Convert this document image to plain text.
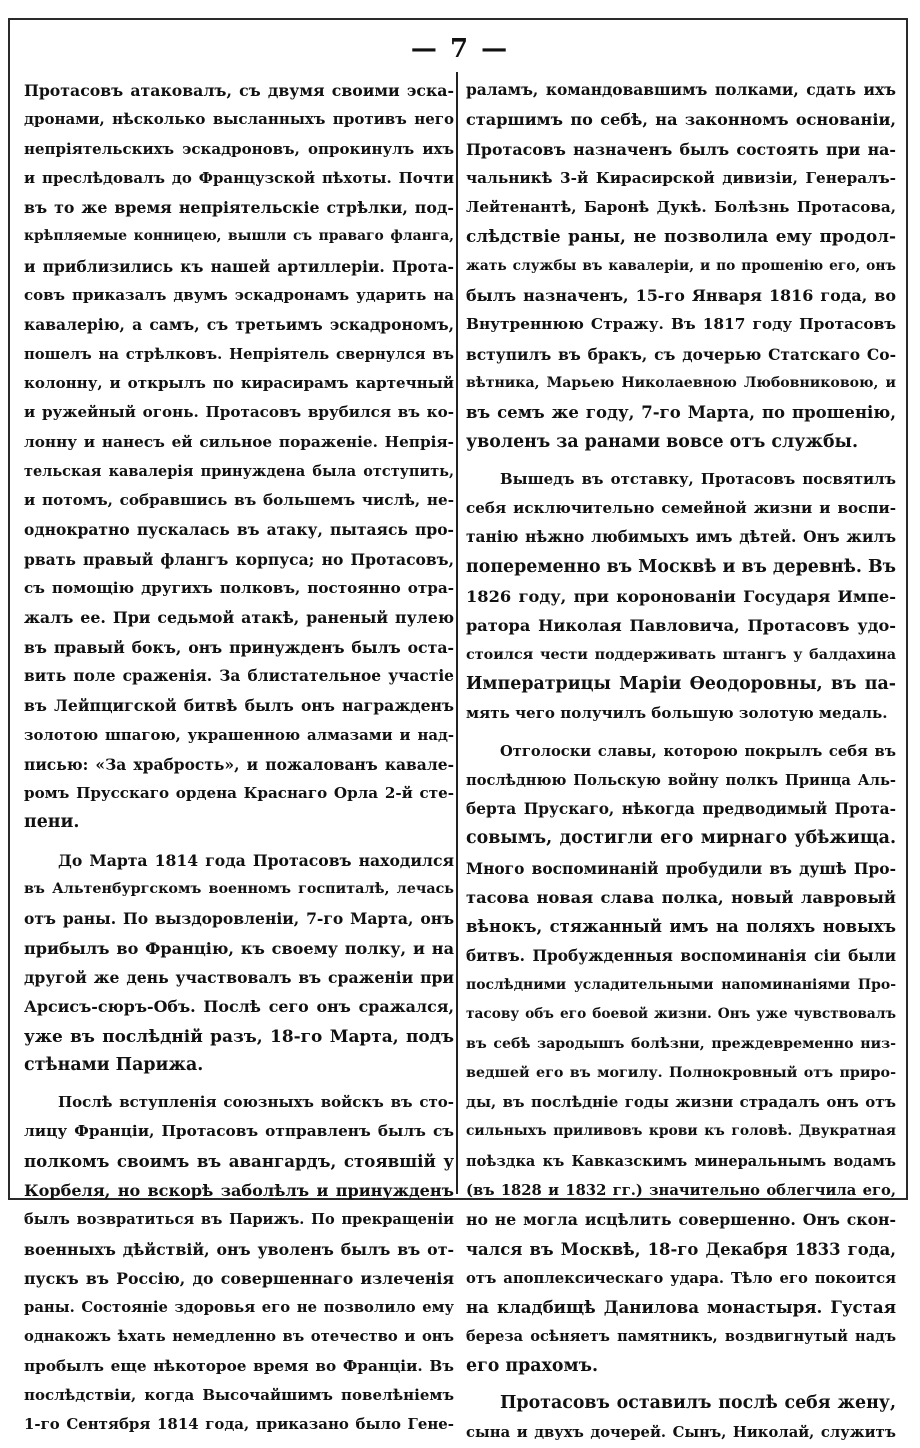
— 7 —
Протасовъ атаковалъ, съ двумя своими эска-
дронами, нѣсколько высланныхъ противъ него
непріятельскихъ эскадроновъ, опрокинулъ ихъ
и преслѣдовалъ до Французской пѣхоты. Почти
въ то же время непріятельскіе стрѣлки, под-
крѣпляемые конницею, вышли съ праваго фланга,
и приблизились къ нашей артиллеріи. Прота-
совъ приказалъ двумъ эскадронамъ ударить на
кавалерію, а самъ, съ третьимъ эскадрономъ,
пошелъ на стрѣлковъ. Непріятель свернулся въ
колонну, и открылъ по кирасирамъ картечный
и ружейный огонь. Протасовъ врубился въ ко-
лонну и нанесъ ей сильное пораженіе. Непрія-
тельская кавалерія принуждена была отступить,
и потомъ, собравшись въ большемъ числѣ, не-
однократно пускалась въ атаку, пытаясь про-
рвать правый флангъ корпуса; но Протасовъ,
съ помощію другихъ полковъ, постоянно отра-
жалъ ее. При седьмой атакѣ, раненый пулею
въ правый бокъ, онъ принужденъ былъ оста-
вить поле сраженія. За блистательное участіе
въ Лейпцигской битвѣ былъ онъ награжденъ
золотою шпагою, украшенною алмазами и над-
писью: «За храбрость», и пожалованъ кавале-
ромъ Прусскаго ордена Краснаго Орла 2-й сте-
пени.
До Марта 1814 года Протасовъ находился
въ Альтенбургскомъ военномъ госпиталѣ, лечась
отъ раны. По выздоровленіи, 7-го Марта, онъ
прибылъ во Францію, къ своему полку, и на
другой же день участвовалъ въ сраженіи при
Арсисъ-сюръ-Объ. Послѣ сего онъ сражался,
уже въ послѣдній разъ, 18-го Марта, подъ
стѣнами Парижа.
Послѣ вступленія союзныхъ войскъ въ сто-
лицу Франціи, Протасовъ отправленъ былъ съ
полкомъ своимъ въ авангардъ, стоявшій у
Корбеля, но вскорѣ заболѣлъ и принужденъ
былъ возвратиться въ Парижъ. По прекращеніи
военныхъ дѣйствій, онъ уволенъ былъ въ от-
пускъ въ Россію, до совершеннаго излеченія
раны. Состояніе здоровья его не позволило ему
однакожъ ѣхать немедленно въ отечество и онъ
пробылъ еще нѣкоторое время во Франціи. Въ
послѣдствіи, когда Высочайшимъ повелѣніемъ
1-го Сентября 1814 года, приказано было Гене-
раламъ, командовавшимъ полками, сдать ихъ
старшимъ по себѣ, на законномъ основаніи,
Протасовъ назначенъ былъ состоять при на-
чальникѣ 3-й Кирасирской дивизіи, Генералъ-
Лейтенантѣ, Баронѣ Дукѣ. Болѣзнь Протасова,
слѣдствіе раны, не позволила ему продол-
жать службы въ кавалеріи, и по прошенію его, онъ
былъ назначенъ, 15-го Января 1816 года, во
Внутреннюю Стражу. Въ 1817 году Протасовъ
вступилъ въ бракъ, съ дочерью Статскаго Со-
вѣтника, Марьею Николаевною Любовниковою, и
въ семъ же году, 7-го Марта, по прошенію,
уволенъ за ранами вовсе отъ службы.
Вышедъ въ отставку, Протасовъ посвятилъ
себя исключительно семейной жизни и воспи-
танію нѣжно любимыхъ имъ дѣтей. Онъ жилъ
попеременно въ Москвѣ и въ деревнѣ. Въ
1826 году, при коронованіи Государя Импе-
ратора Николая Павловича, Протасовъ удо-
стоился чести поддерживать штангъ у балдахина
Императрицы Маріи Ѳеодоровны, въ па-
мять чего получилъ большую золотую медаль.
Отголоски славы, которою покрылъ себя въ
послѣднюю Польскую войну полкъ Принца Аль-
берта Прускаго, нѣкогда предводимый Прота-
совымъ, достигли его мирнаго убѣжища.
Много воспоминаній пробудили въ душѣ Про-
тасова новая слава полка, новый лавровый
вѣнокъ, стяжанный имъ на поляхъ новыхъ
битвъ. Пробужденныя воспоминанія сіи были
послѣдними усладительными напоминаніями Про-
тасову объ его боевой жизни. Онъ уже чувствовалъ
въ себѣ зародышъ болѣзни, преждевременно низ-
ведшей его въ могилу. Полнокровный отъ приро-
ды, въ послѣдніе годы жизни страдалъ онъ отъ
сильныхъ приливовъ крови къ головѣ. Двукратная
поѣздка къ Кавказскимъ минеральнымъ водамъ
(въ 1828 и 1832 гг.) значительно облегчила его,
но не могла исцѣлить совершенно. Онъ скон-
чался въ Москвѣ, 18-го Декабря 1833 года,
отъ апоплексическаго удара. Тѣло его покоится
на кладбищѣ Данилова монастыря. Густая
береза осѣняетъ памятникъ, воздвигнутый надъ
его прахомъ.
Протасовъ оставилъ послѣ себя жену,
сына и двухъ дочерей. Сынъ, Николай, служитъ
